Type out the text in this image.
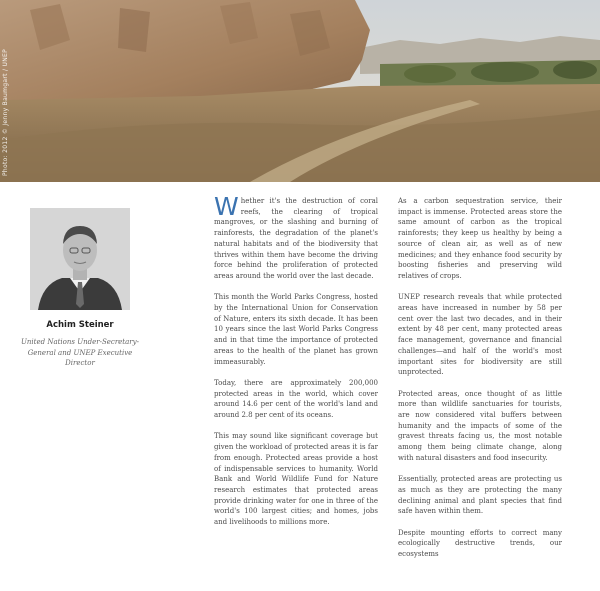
Photo: 2012 © Jenny Baumgart / UNEP
Achim Steiner
United Nations Under-Secretary-General and UNEP Executive Director

Whether it's the destruction of coral reefs, the clearing of tropical mangroves, or the slashing and burning of rainforests, the degradation of the planet's natural habitats and of the biodiversity that thrives within them have become the driving force behind the proliferation of protected areas around the world over the last decade.

This month the World Parks Congress, hosted by the International Union for Conservation of Nature, enters its sixth decade. It has been 10 years since the last World Parks Congress and in that time the importance of protected areas to the health of the planet has grown immeasurably.

Today, there are approximately 200,000 protected areas in the world, which cover around 14.6 per cent of the world's land and around 2.8 per cent of its oceans.

This may sound like significant coverage but given the workload of protected areas it is far from enough. Protected areas provide a host of indispensable services to humanity. World Bank and World Wildlife Fund for Nature research estimates that protected areas provide drinking water for one in three of the world's 100 largest cities; and homes, jobs and livelihoods to millions more.

As a carbon sequestration service, their impact is immense. Protected areas store the same amount of carbon as the tropical rainforests; they keep us healthy by being a source of clean air, as well as of new medicines; and they enhance food security by boosting fisheries and preserving wild relatives of crops.

UNEP research reveals that while protected areas have increased in number by 58 per cent over the last two decades, and in their extent by 48 per cent, many protected areas face management, governance and financial challenges—and half of the world's most important sites for biodiversity are still unprotected.

Protected areas, once thought of as little more than wildlife sanctuaries for tourists, are now considered vital buffers between humanity and the impacts of some of the gravest threats facing us, the most notable among them being climate change, along with natural disasters and food insecurity.

Essentially, protected areas are protecting us as much as they are protecting the many declining animal and plant species that find safe haven within them.

Despite mounting efforts to correct many ecologically destructive trends, our ecosystems
